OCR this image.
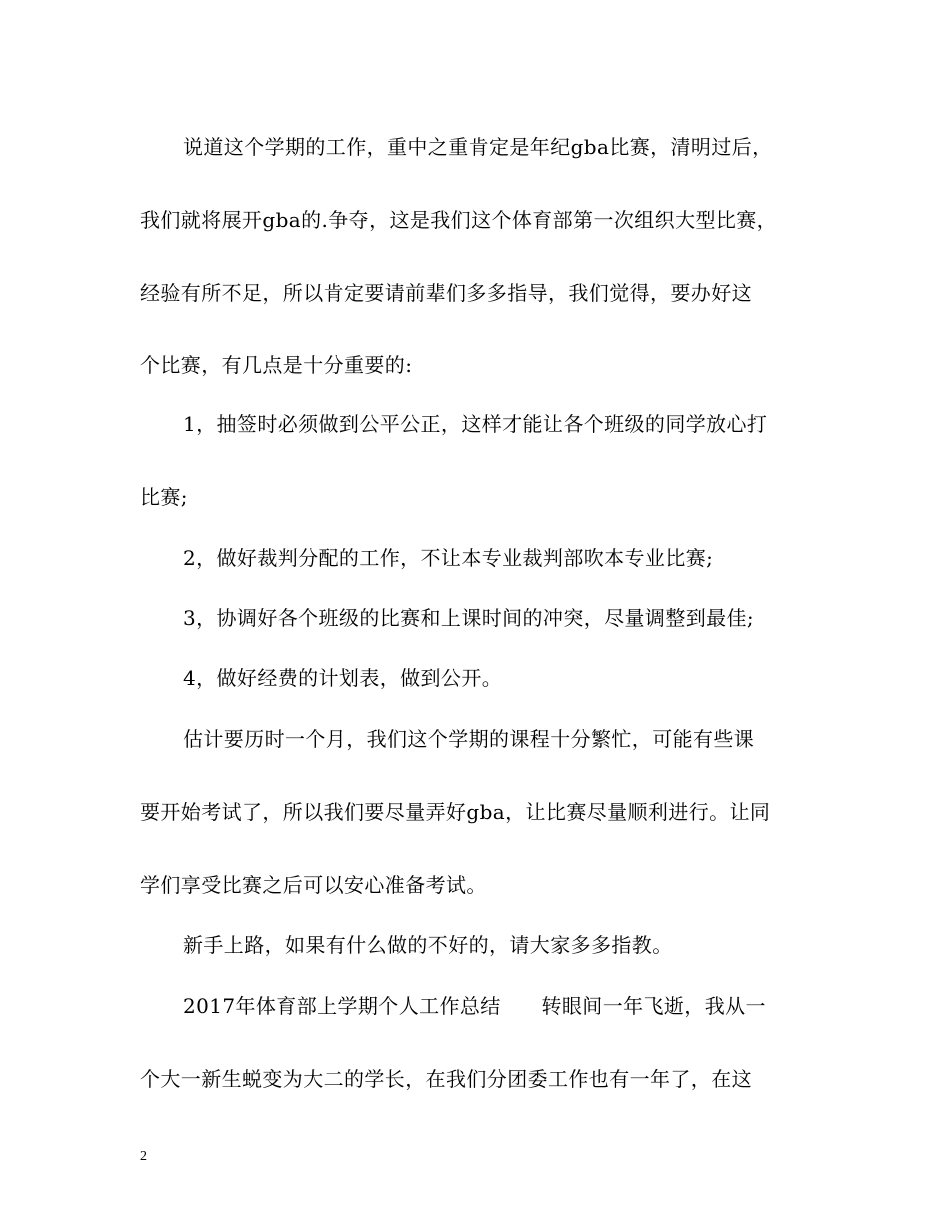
说道这个学期的工作，重中之重肯定是年纪gba比赛，清明过后，
我们就将展开gba的.争夺，这是我们这个体育部第一次组织大型比赛，
经验有所不足，所以肯定要请前辈们多多指导，我们觉得，要办好这
个比赛，有几点是十分重要的:
1，抽签时必须做到公平公正，这样才能让各个班级的同学放心打
比赛;
2，做好裁判分配的工作，不让本专业裁判部吹本专业比赛;
3，协调好各个班级的比赛和上课时间的冲突，尽量调整到最佳;
4，做好经费的计划表，做到公开。
估计要历时一个月，我们这个学期的课程十分繁忙，可能有些课
要开始考试了，所以我们要尽量弄好gba，让比赛尽量顺利进行。让同
学们享受比赛之后可以安心准备考试。
新手上路，如果有什么做的不好的，请大家多多指教。
2017年体育部上学期个人工作总结　　转眼间一年飞逝，我从一
个大一新生蜕变为大二的学长，在我们分团委工作也有一年了，在这
2
